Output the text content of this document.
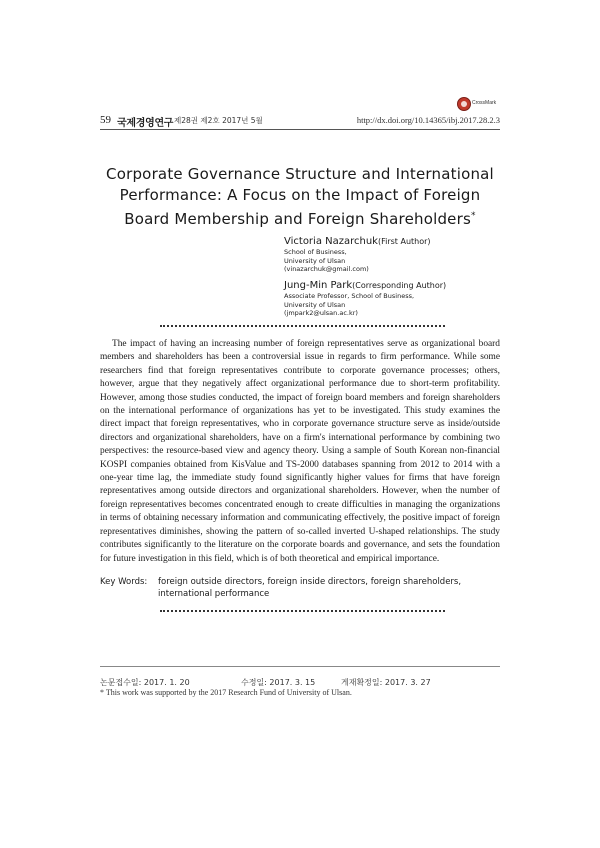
59 국제경영연구 제28권 제2호 2017년 5월	http://dx.doi.org/10.14365/ibj.2017.28.2.3
CrossMark
Corporate Governance Structure and International
Performance: A Focus on the Impact of Foreign
Board Membership and Foreign Shareholders*
Victoria Nazarchuk(First Author)
School of Business,
University of Ulsan
(vinazarchuk@gmail.com)
Jung-Min Park(Corresponding Author)
Associate Professor, School of Business,
University of Ulsan
(jmpark2@ulsan.ac.kr)

The impact of having an increasing number of foreign representatives serve as organizational board members and shareholders has been a controversial issue in regards to firm performance. While some researchers find that foreign representatives contribute to corporate governance processes; others, however, argue that they negatively affect organizational performance due to short-term profitability. However, among those studies conducted, the impact of foreign board members and foreign shareholders on the international performance of organizations has yet to be investigated. This study examines the direct impact that foreign representatives, who in corporate governance structure serve as inside/outside directors and organizational shareholders, have on a firm's international performance by combining two perspectives: the resource-based view and agency theory. Using a sample of South Korean non-financial KOSPI companies obtained from KisValue and TS-2000 databases spanning from 2012 to 2014 with a one-year time lag, the immediate study found significantly higher values for firms that have foreign representatives among outside directors and organizational shareholders. However, when the number of foreign representatives becomes concentrated enough to create difficulties in managing the organizations in terms of obtaining necessary information and communicating effectively, the positive impact of foreign representatives diminishes, showing the pattern of so-called inverted U-shaped relationships. The study contributes significantly to the literature on the corporate boards and governance, and sets the foundation for future investigation in this field, which is of both theoretical and empirical importance.

Key Words: foreign outside directors, foreign inside directors, foreign shareholders, international performance
논문접수일: 2017. 1. 20	수정일: 2017. 3. 15	게재확정일: 2017. 3. 27
* This work was supported by the 2017 Research Fund of University of Ulsan.
